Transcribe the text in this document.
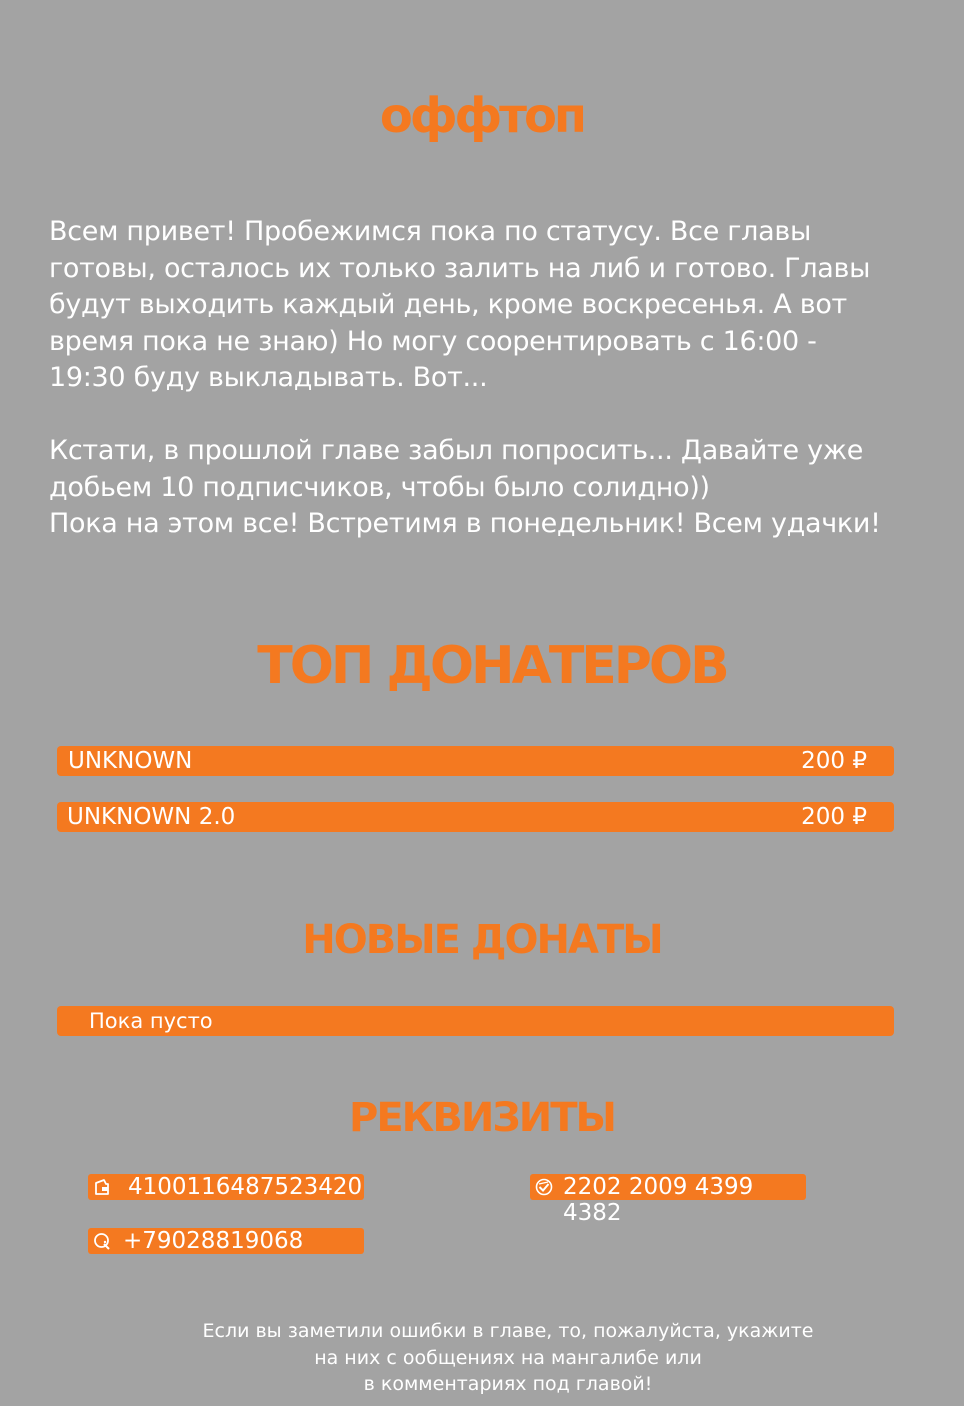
оффтоп
Всем привет! Пробежимся пока по статусу. Все главы
готовы, осталось их только залить на либ и готово. Главы
будут выходить каждый день, кроме воскресенья. А вот
время пока не знаю) Но могу соорентировать с 16:00 -
19:30 буду выкладывать. Вот...
Кстати, в прошлой главе забыл попросить... Давайте уже
добьем 10 подписчиков, чтобы было солидно))
Пока на этом все! Встретимя в понедельник! Всем удачки!
ТОП ДОНАТЕРОВ
UNKNOWN	200 ₽
UNKNOWN 2.0	200 ₽
НОВЫЕ ДОНАТЫ
Пока пусто
РЕКВИЗИТЫ
4100116487523420	2202 2009 4399 4382
+79028819068
Если вы заметили ошибки в главе, то, пожалуйста, укажите
на них с ообщениях на мангалибе или
в комментариях под главой!
